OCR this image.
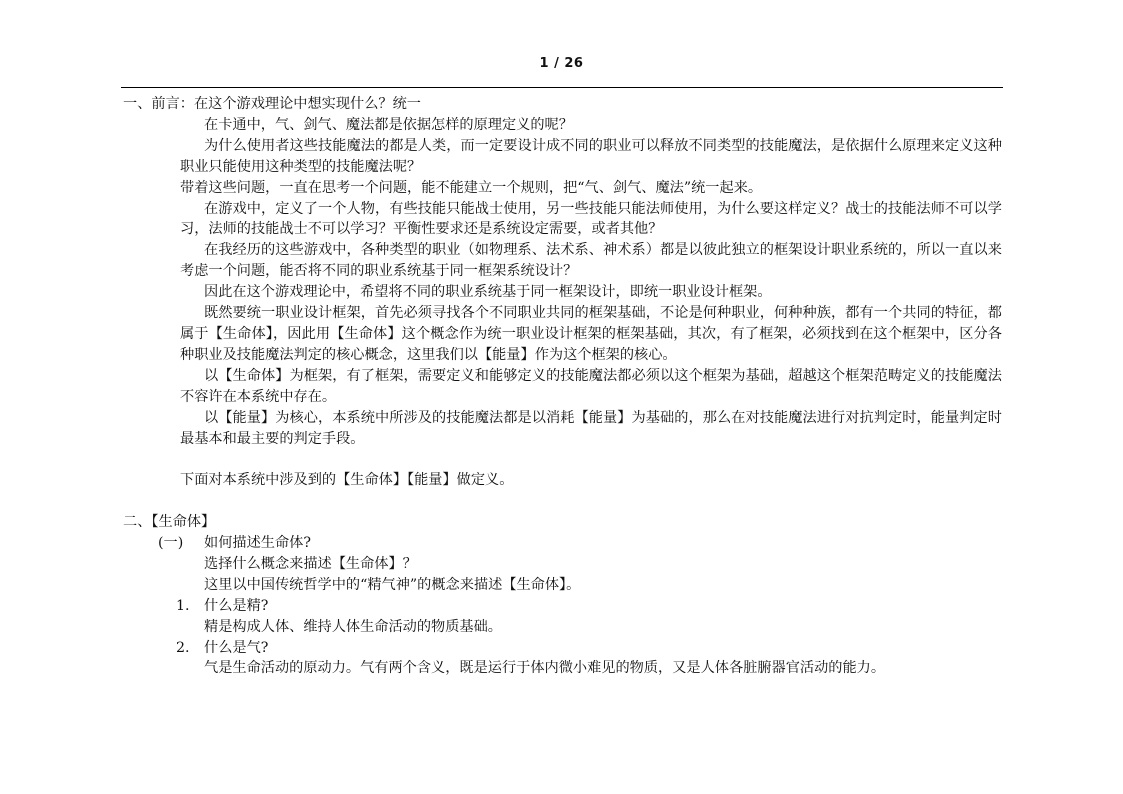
1 / 26

一、前言：在这个游戏理论中想实现什么？统一

在卡通中，气、剑气、魔法都是依据怎样的原理定义的呢？

为什么使用者这些技能魔法的都是人类，而一定要设计成不同的职业可以释放不同类型的技能魔法，是依据什么原理来定义这种职业只能使用这种类型的技能魔法呢？

带着这些问题，一直在思考一个问题，能不能建立一个规则，把“气、剑气、魔法”统一起来。

在游戏中，定义了一个人物，有些技能只能战士使用，另一些技能只能法师使用，为什么要这样定义？战士的技能法师不可以学习，法师的技能战士不可以学习？平衡性要求还是系统设定需要，或者其他？

在我经历的这些游戏中，各种类型的职业（如物理系、法术系、神术系）都是以彼此独立的框架设计职业系统的，所以一直以来考虑一个问题，能否将不同的职业系统基于同一框架系统设计？

因此在这个游戏理论中，希望将不同的职业系统基于同一框架设计，即统一职业设计框架。

既然要统一职业设计框架，首先必须寻找各个不同职业共同的框架基础，不论是何种职业，何种种族，都有一个共同的特征，都属于【生命体】，因此用【生命体】这个概念作为统一职业设计框架的框架基础，其次，有了框架，必须找到在这个框架中，区分各种职业及技能魔法判定的核心概念，这里我们以【能量】作为这个框架的核心。

以【生命体】为框架，有了框架，需要定义和能够定义的技能魔法都必须以这个框架为基础，超越这个框架范畴定义的技能魔法不容许在本系统中存在。

以【能量】为核心，本系统中所涉及的技能魔法都是以消耗【能量】为基础的，那么在对技能魔法进行对抗判定时，能量判定时最基本和最主要的判定手段。

下面对本系统中涉及到的【生命体】【能量】做定义。

二、【生命体】

(一) 如何描述生命体?

选择什么概念来描述【生命体】？

这里以中国传统哲学中的“精气神”的概念来描述【生命体】。

1. 什么是精?

精是构成人体、维持人体生命活动的物质基础。

2. 什么是气?

气是生命活动的原动力。气有两个含义，既是运行于体内微小难见的物质，又是人体各脏腑器官活动的能力。
